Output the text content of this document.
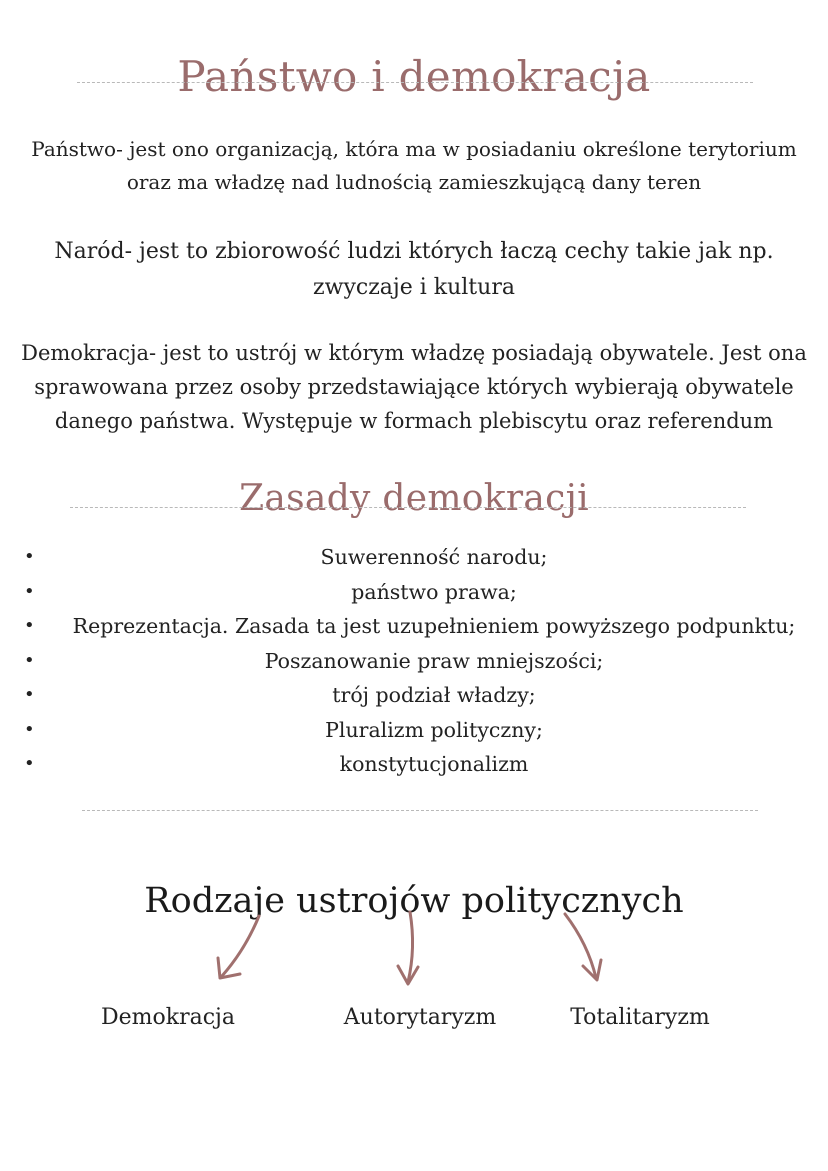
Państwo i demokracja

Państwo- jest ono organizacją, która ma w posiadaniu określone terytorium oraz ma władzę nad ludnością zamieszkującą dany teren

Naród- jest to zbiorowość ludzi których łaczą cechy takie jak np. zwyczaje i kultura

Demokracja- jest to ustrój w którym władzę posiadają obywatele. Jest ona sprawowana przez osoby przedstawiające których wybierają obywatele danego państwa. Występuje w formach plebiscytu oraz referendum

Zasady demokracji
•	Suwerenność narodu;
•	państwo prawa;
• Reprezentacja. Zasada ta jest uzupełnieniem powyższego podpunktu;
•	Poszanowanie praw mniejszości;
•	trój podział władzy;
•	Pluralizm polityczny;
•	konstytucjonalizm
Rodzaje ustrojów politycznych
Demokracja	Autorytaryzm	Totalitaryzm
